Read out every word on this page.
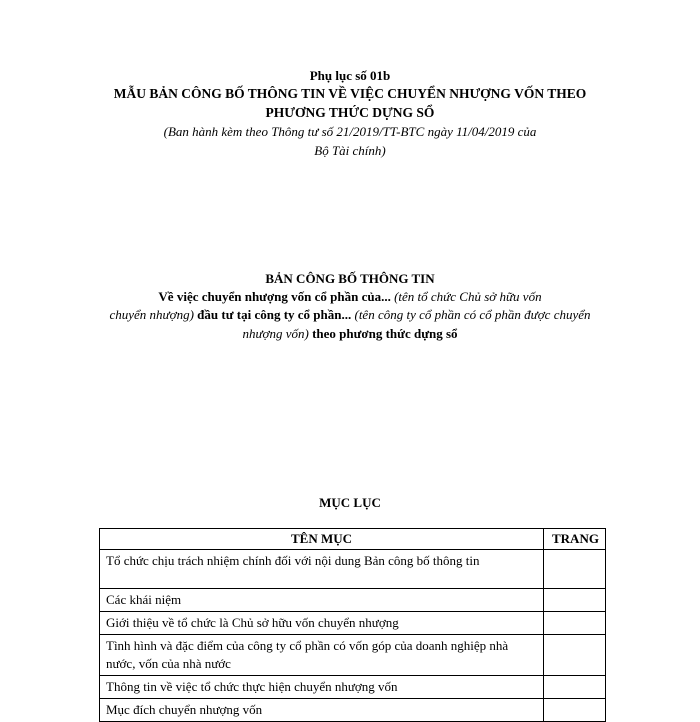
Phụ lục số 01b
MẪU BẢN CÔNG BỐ THÔNG TIN VỀ VIỆC CHUYỂN NHƯỢNG VỐN THEO
PHƯƠNG THỨC DỰNG SỔ
(Ban hành kèm theo Thông tư số 21/2019/TT-BTC ngày 11/04/2019 của
Bộ Tài chính)
BẢN CÔNG BỐ THÔNG TIN
Về việc chuyển nhượng vốn cổ phần của... (tên tổ chức Chủ sở hữu vốn
chuyển nhượng) đầu tư tại công ty cổ phần... (tên công ty cổ phần có cổ phần được chuyển
nhượng vốn) theo phương thức dựng sổ
MỤC LỤC
TÊN MỤC	TRANG
Tổ chức chịu trách nhiệm chính đối với nội dung Bản công bố thông tin	
Các khái niệm	
Giới thiệu về tổ chức là Chủ sở hữu vốn chuyển nhượng	
Tình hình và đặc điểm của công ty cổ phần có vốn góp của doanh nghiệp nhà nước, vốn của nhà nước	
Thông tin về việc tổ chức thực hiện chuyển nhượng vốn	
Mục đích chuyển nhượng vốn	
